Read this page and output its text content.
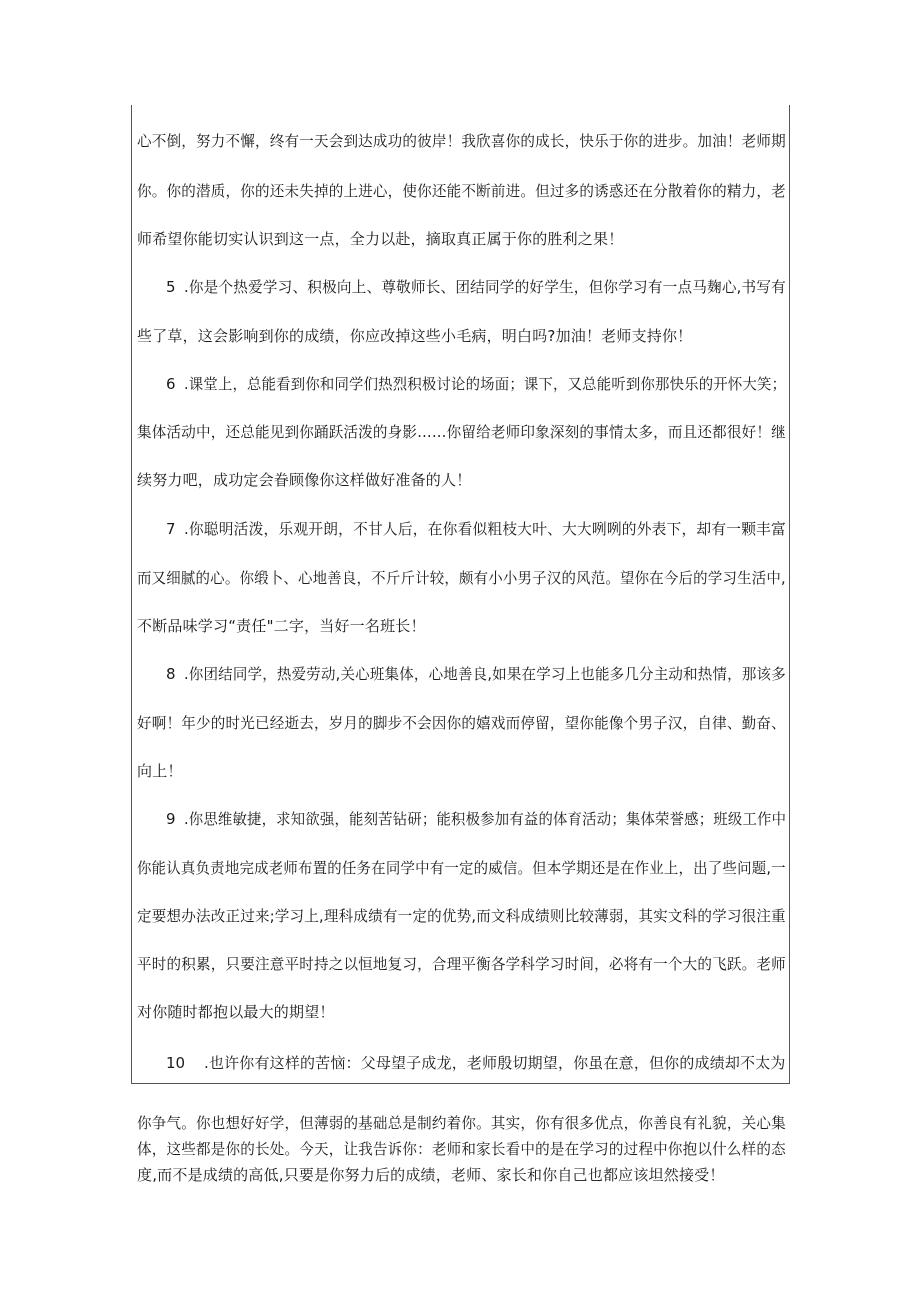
心不倒，努力不懈，终有一天会到达成功的彼岸！我欣喜你的成长，快乐于你的进步。加油！老师期

你。你的潜质，你的还未失掉的上进心，使你还能不断前进。但过多的诱惑还在分散着你的精力，老

师希望你能切实认识到这一点，全力以赴，摘取真正属于你的胜利之果！

5 .你是个热爱学习、积极向上、尊敬师长、团结同学的好学生，但你学习有一点马麹心,书写有

些了草，这会影响到你的成绩，你应改掉这些小毛病，明白吗?加油！老师支持你！

6 .课堂上，总能看到你和同学们热烈积极讨论的场面；课下，又总能听到你那快乐的开怀大笑；

集体活动中，还总能见到你踊跃活泼的身影……你留给老师印象深刻的事情太多，而且还都很好！继

续努力吧，成功定会眷顾像你这样做好准备的人！

7 .你聪明活泼，乐观开朗，不甘人后，在你看似粗枝大叶、大大咧咧的外表下，却有一颗丰富

而又细腻的心。你缎卜、心地善良，不斤斤计较，颇有小小男子汉的风范。望你在今后的学习生活中,

不断品味学习“责任"二字，当好一名班长！

8 .你团结同学，热爱劳动,关心班集体，心地善良,如果在学习上也能多几分主动和热情，那该多

好啊！年少的时光已经逝去，岁月的脚步不会因你的嬉戏而停留，望你能像个男子汉，自律、勤奋、

向上！

9 .你思维敏捷，求知欲强，能刻苦钻研；能积极参加有益的体育活动；集体荣誉感；班级工作中

你能认真负责地完成老师布置的任务在同学中有一定的威信。但本学期还是在作业上，出了些问题,一

定要想办法改正过来;学习上,理科成绩有一定的优势,而文科成绩则比较薄弱，其实文科的学习很注重

平时的积累，只要注意平时持之以恒地复习，合理平衡各学科学习时间，必将有一个大的飞跃。老师

对你随时都抱以最大的期望！

10 .也许你有这样的苦恼：父母望子成龙，老师殷切期望，你虽在意，但你的成绩却不太为

你争气。你也想好好学，但薄弱的基础总是制约着你。其实，你有很多优点，你善良有礼貌，关心集

体，这些都是你的长处。今天，让我告诉你：老师和家长看中的是在学习的过程中你抱以什么样的态

度,而不是成绩的高低,只要是你努力后的成绩，老师、家长和你自己也都应该坦然接受！
